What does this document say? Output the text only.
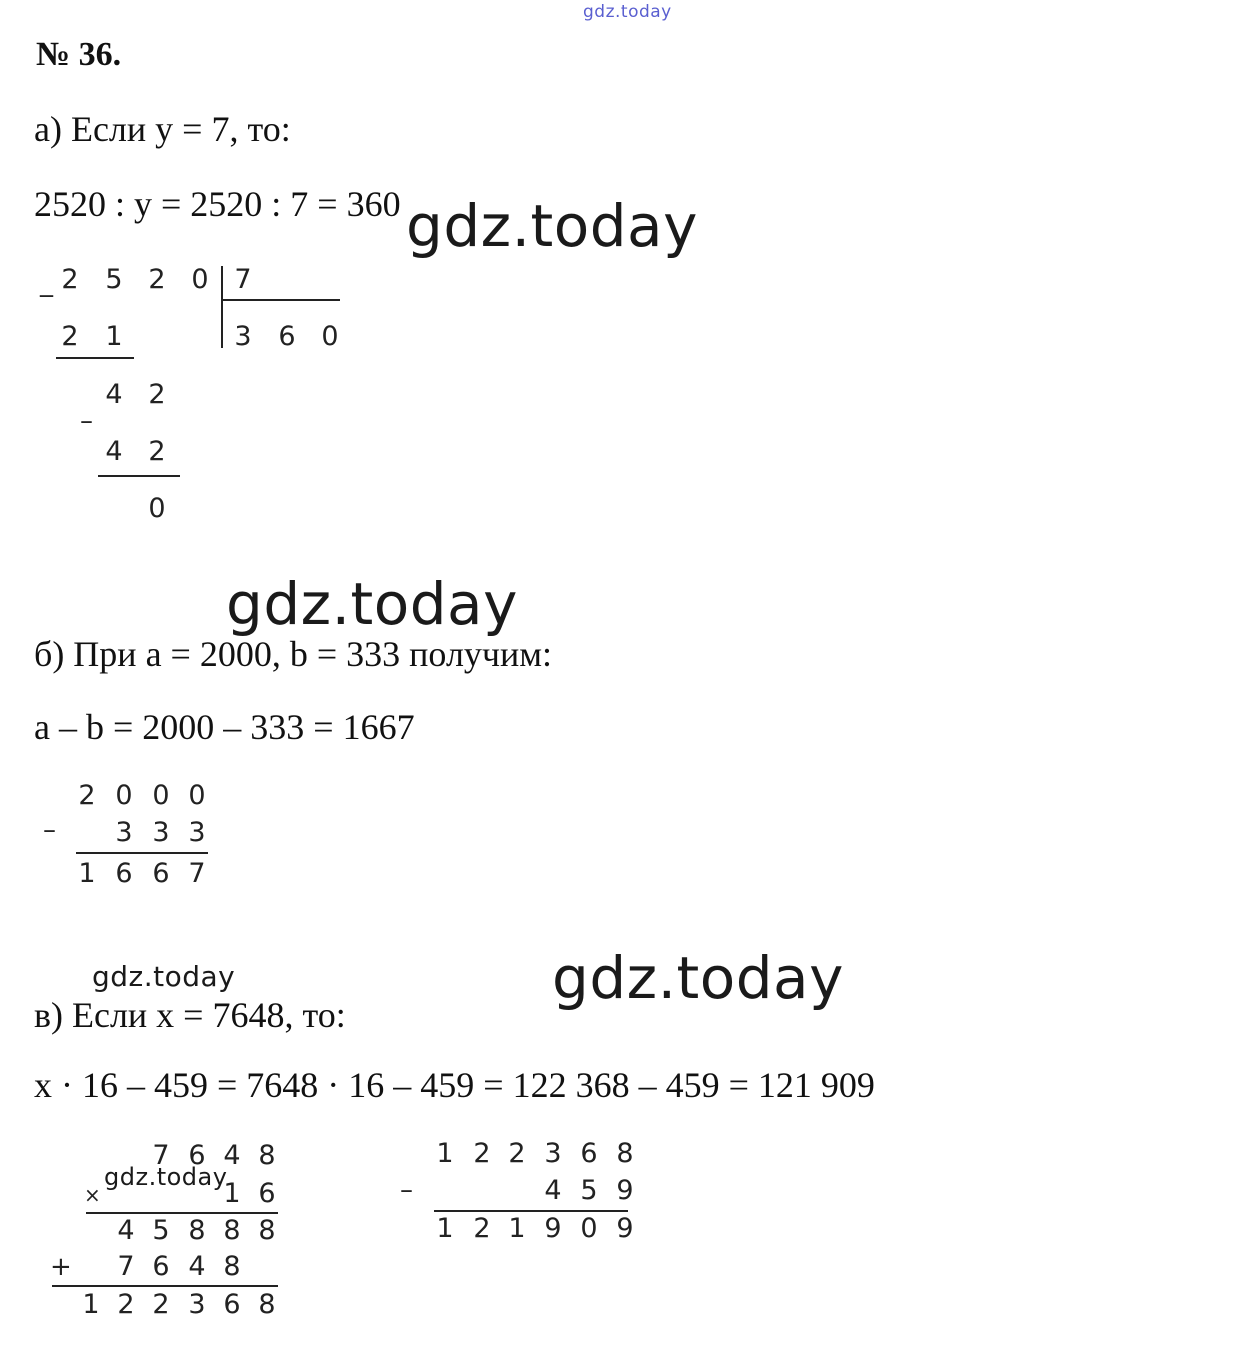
gdz.today
№ 36.
а) Если у = 7, то:
2520 : у = 2520 : 7 = 360 gdz.today
_ 2 5 2 0 7
3 6 0
2 1
4 2
–
4 2
0
gdz.today
б) При а = 2000, b = 333 получим:
а – b = 2000 – 333 = 1667
2 0 0 0
– 3 3 3
1 6 6 7
gdz.today	gdz.today
в) Если х = 7648, то:
х · 16 – 459 = 7648 · 16 – 459 = 122 368 – 459 = 121 909
7 6 4 8
×
gdz.today
1 6
4 5 8 8 8
+ 7 6 4 8
1 2 2 3 6 8
1 2 2 3 6 8
–	4 5 9
1 2 1 9 0 9
